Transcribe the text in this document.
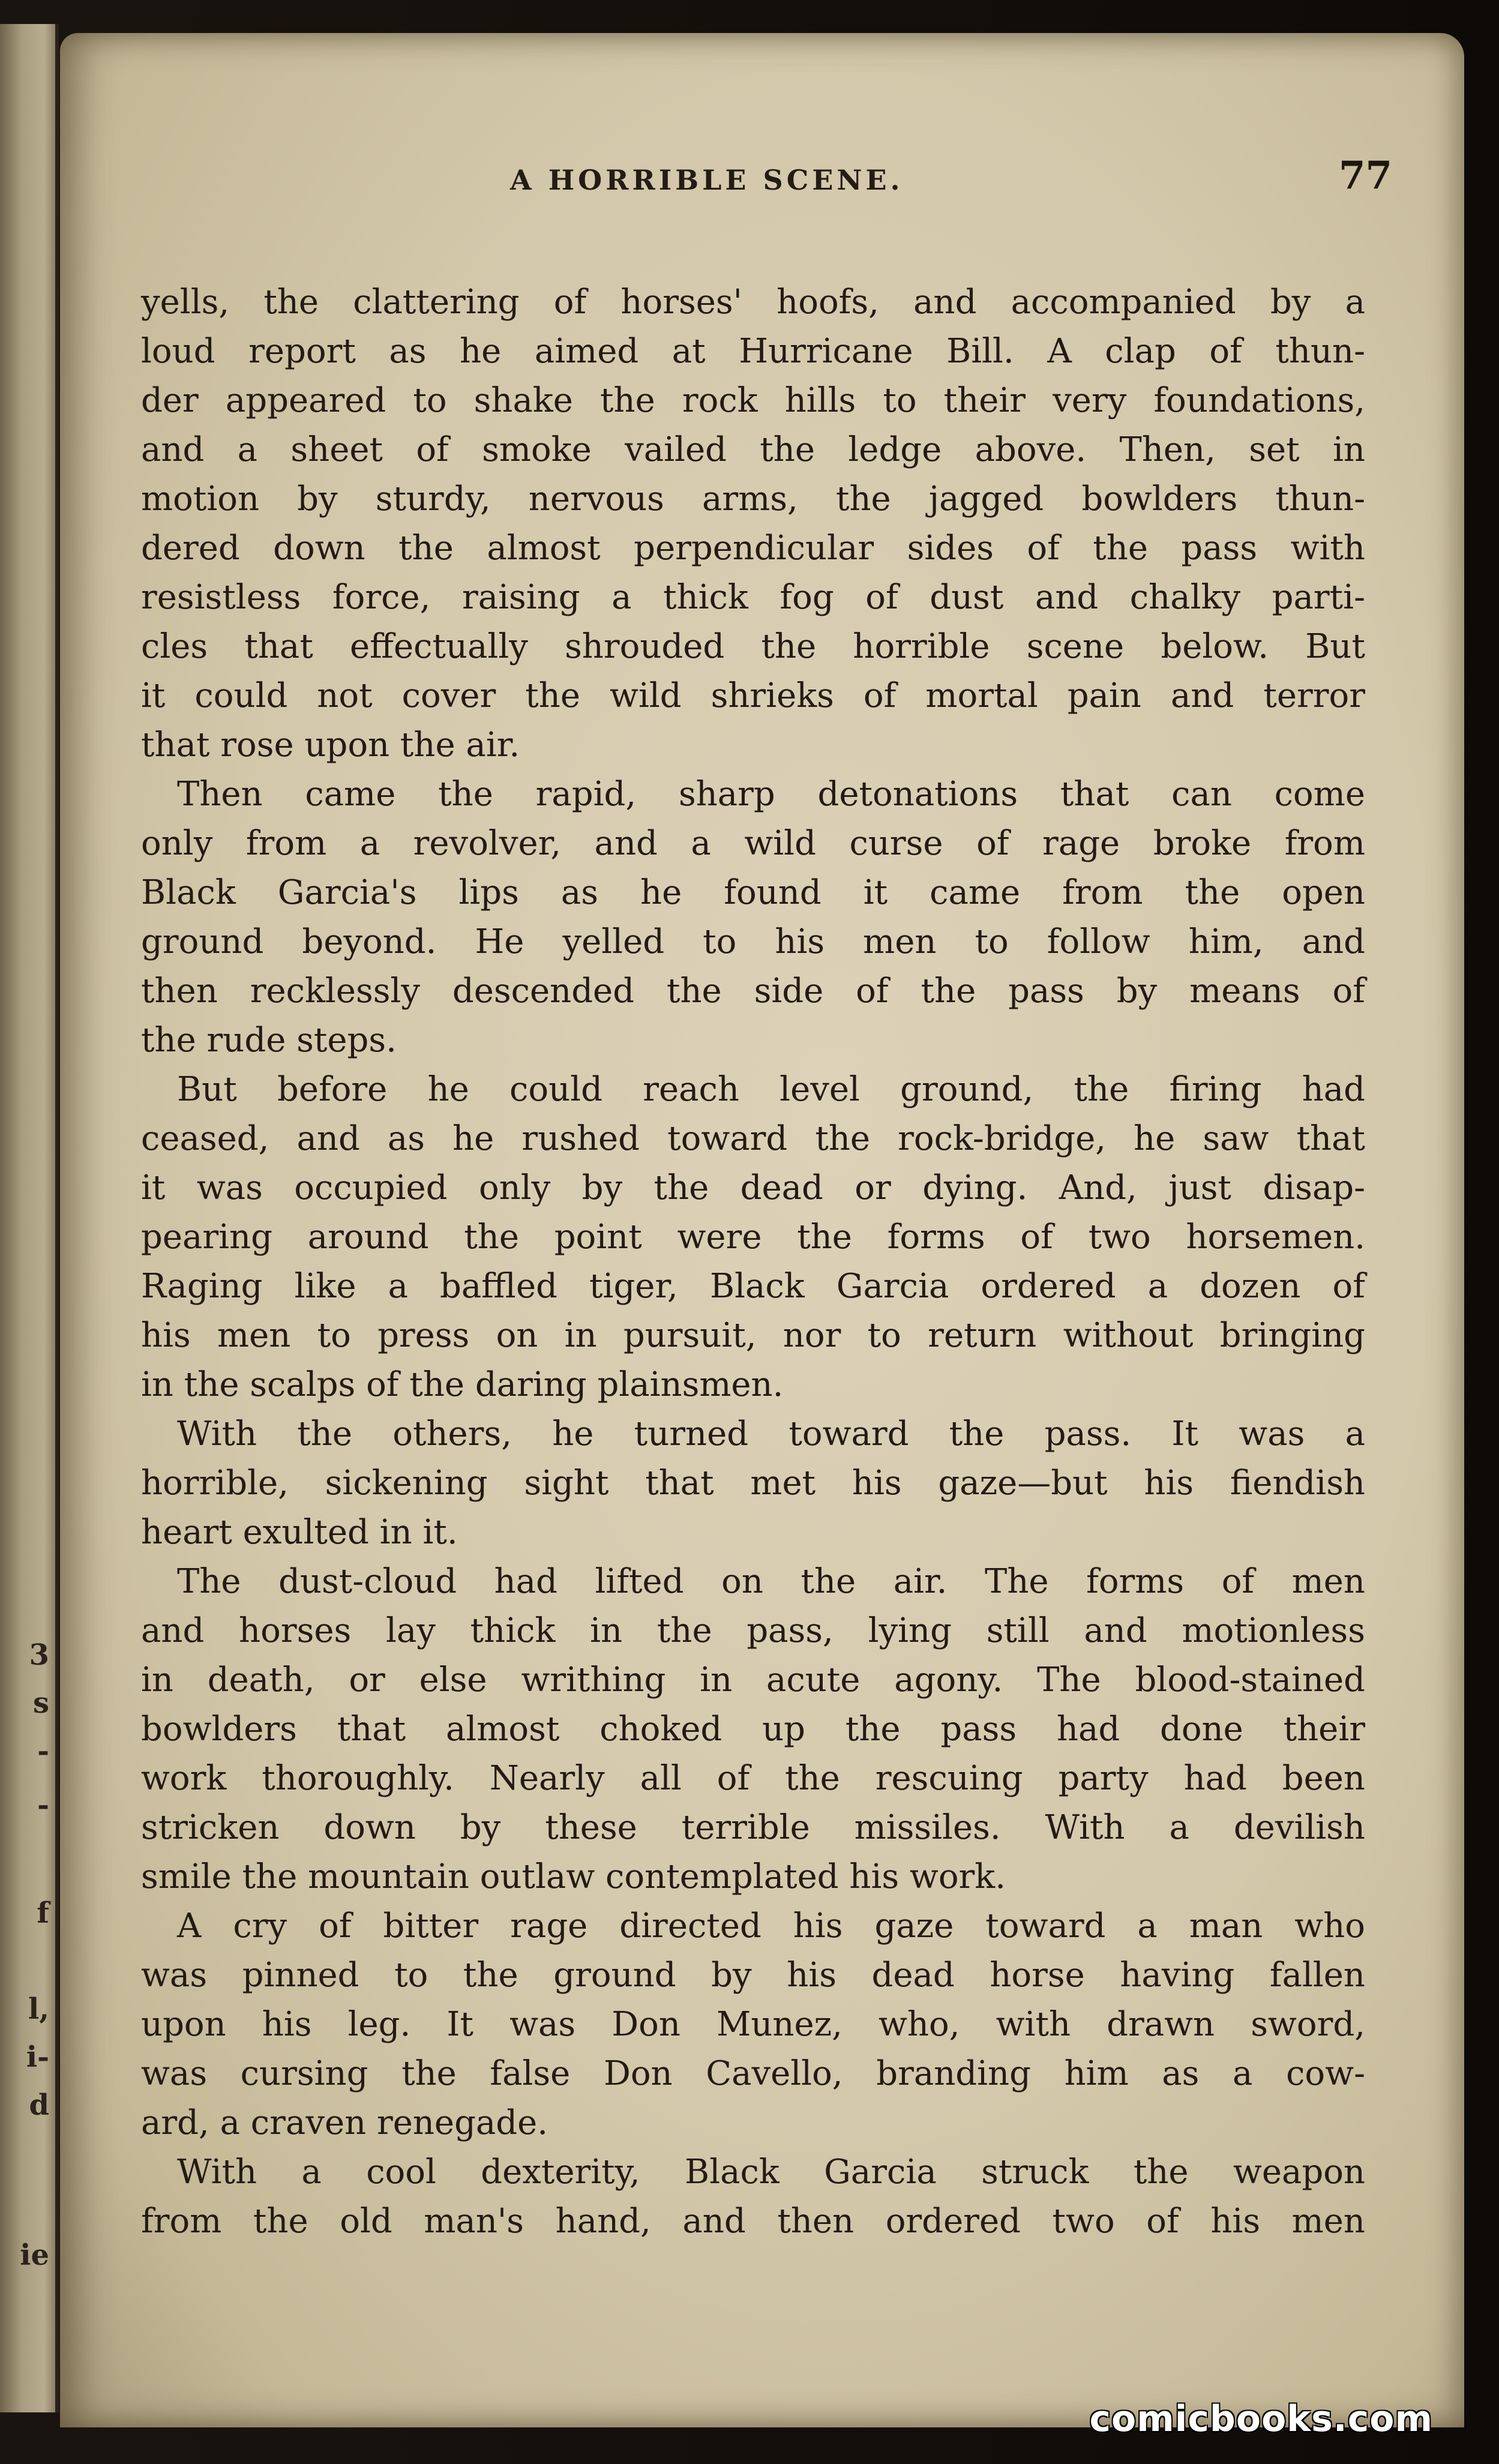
ie
d
i-
l,
f
-
-
s
3
A HORRIBLE SCENE.	77
yells, the clattering of horses' hoofs, and accompanied by a
loud report as he aimed at Hurricane Bill. A clap of thun-
der appeared to shake the rock hills to their very foundations,
and a sheet of smoke vailed the ledge above. Then, set in
motion by sturdy, nervous arms, the jagged bowlders thun-
dered down the almost perpendicular sides of the pass with
resistless force, raising a thick fog of dust and chalky parti-
cles that effectually shrouded the horrible scene below. But
it could not cover the wild shrieks of mortal pain and terror
that rose upon the air.
Then came the rapid, sharp detonations that can come
only from a revolver, and a wild curse of rage broke from
Black Garcia's lips as he found it came from the open
ground beyond. He yelled to his men to follow him, and
then recklessly descended the side of the pass by means of
the rude steps.
But before he could reach level ground, the firing had
ceased, and as he rushed toward the rock-bridge, he saw that
it was occupied only by the dead or dying. And, just disap-
pearing around the point were the forms of two horsemen.
Raging like a baffled tiger, Black Garcia ordered a dozen of
his men to press on in pursuit, nor to return without bringing
in the scalps of the daring plainsmen.
With the others, he turned toward the pass. It was a
horrible, sickening sight that met his gaze—but his fiendish
heart exulted in it.
The dust-cloud had lifted on the air. The forms of men
and horses lay thick in the pass, lying still and motionless
in death, or else writhing in acute agony. The blood-stained
bowlders that almost choked up the pass had done their
work thoroughly. Nearly all of the rescuing party had been
stricken down by these terrible missiles. With a devilish
smile the mountain outlaw contemplated his work.
A cry of bitter rage directed his gaze toward a man who
was pinned to the ground by his dead horse having fallen
upon his leg. It was Don Munez, who, with drawn sword,
was cursing the false Don Cavello, branding him as a cow-
ard, a craven renegade.
With a cool dexterity, Black Garcia struck the weapon
from the old man's hand, and then ordered two of his men
comicbooks.com
